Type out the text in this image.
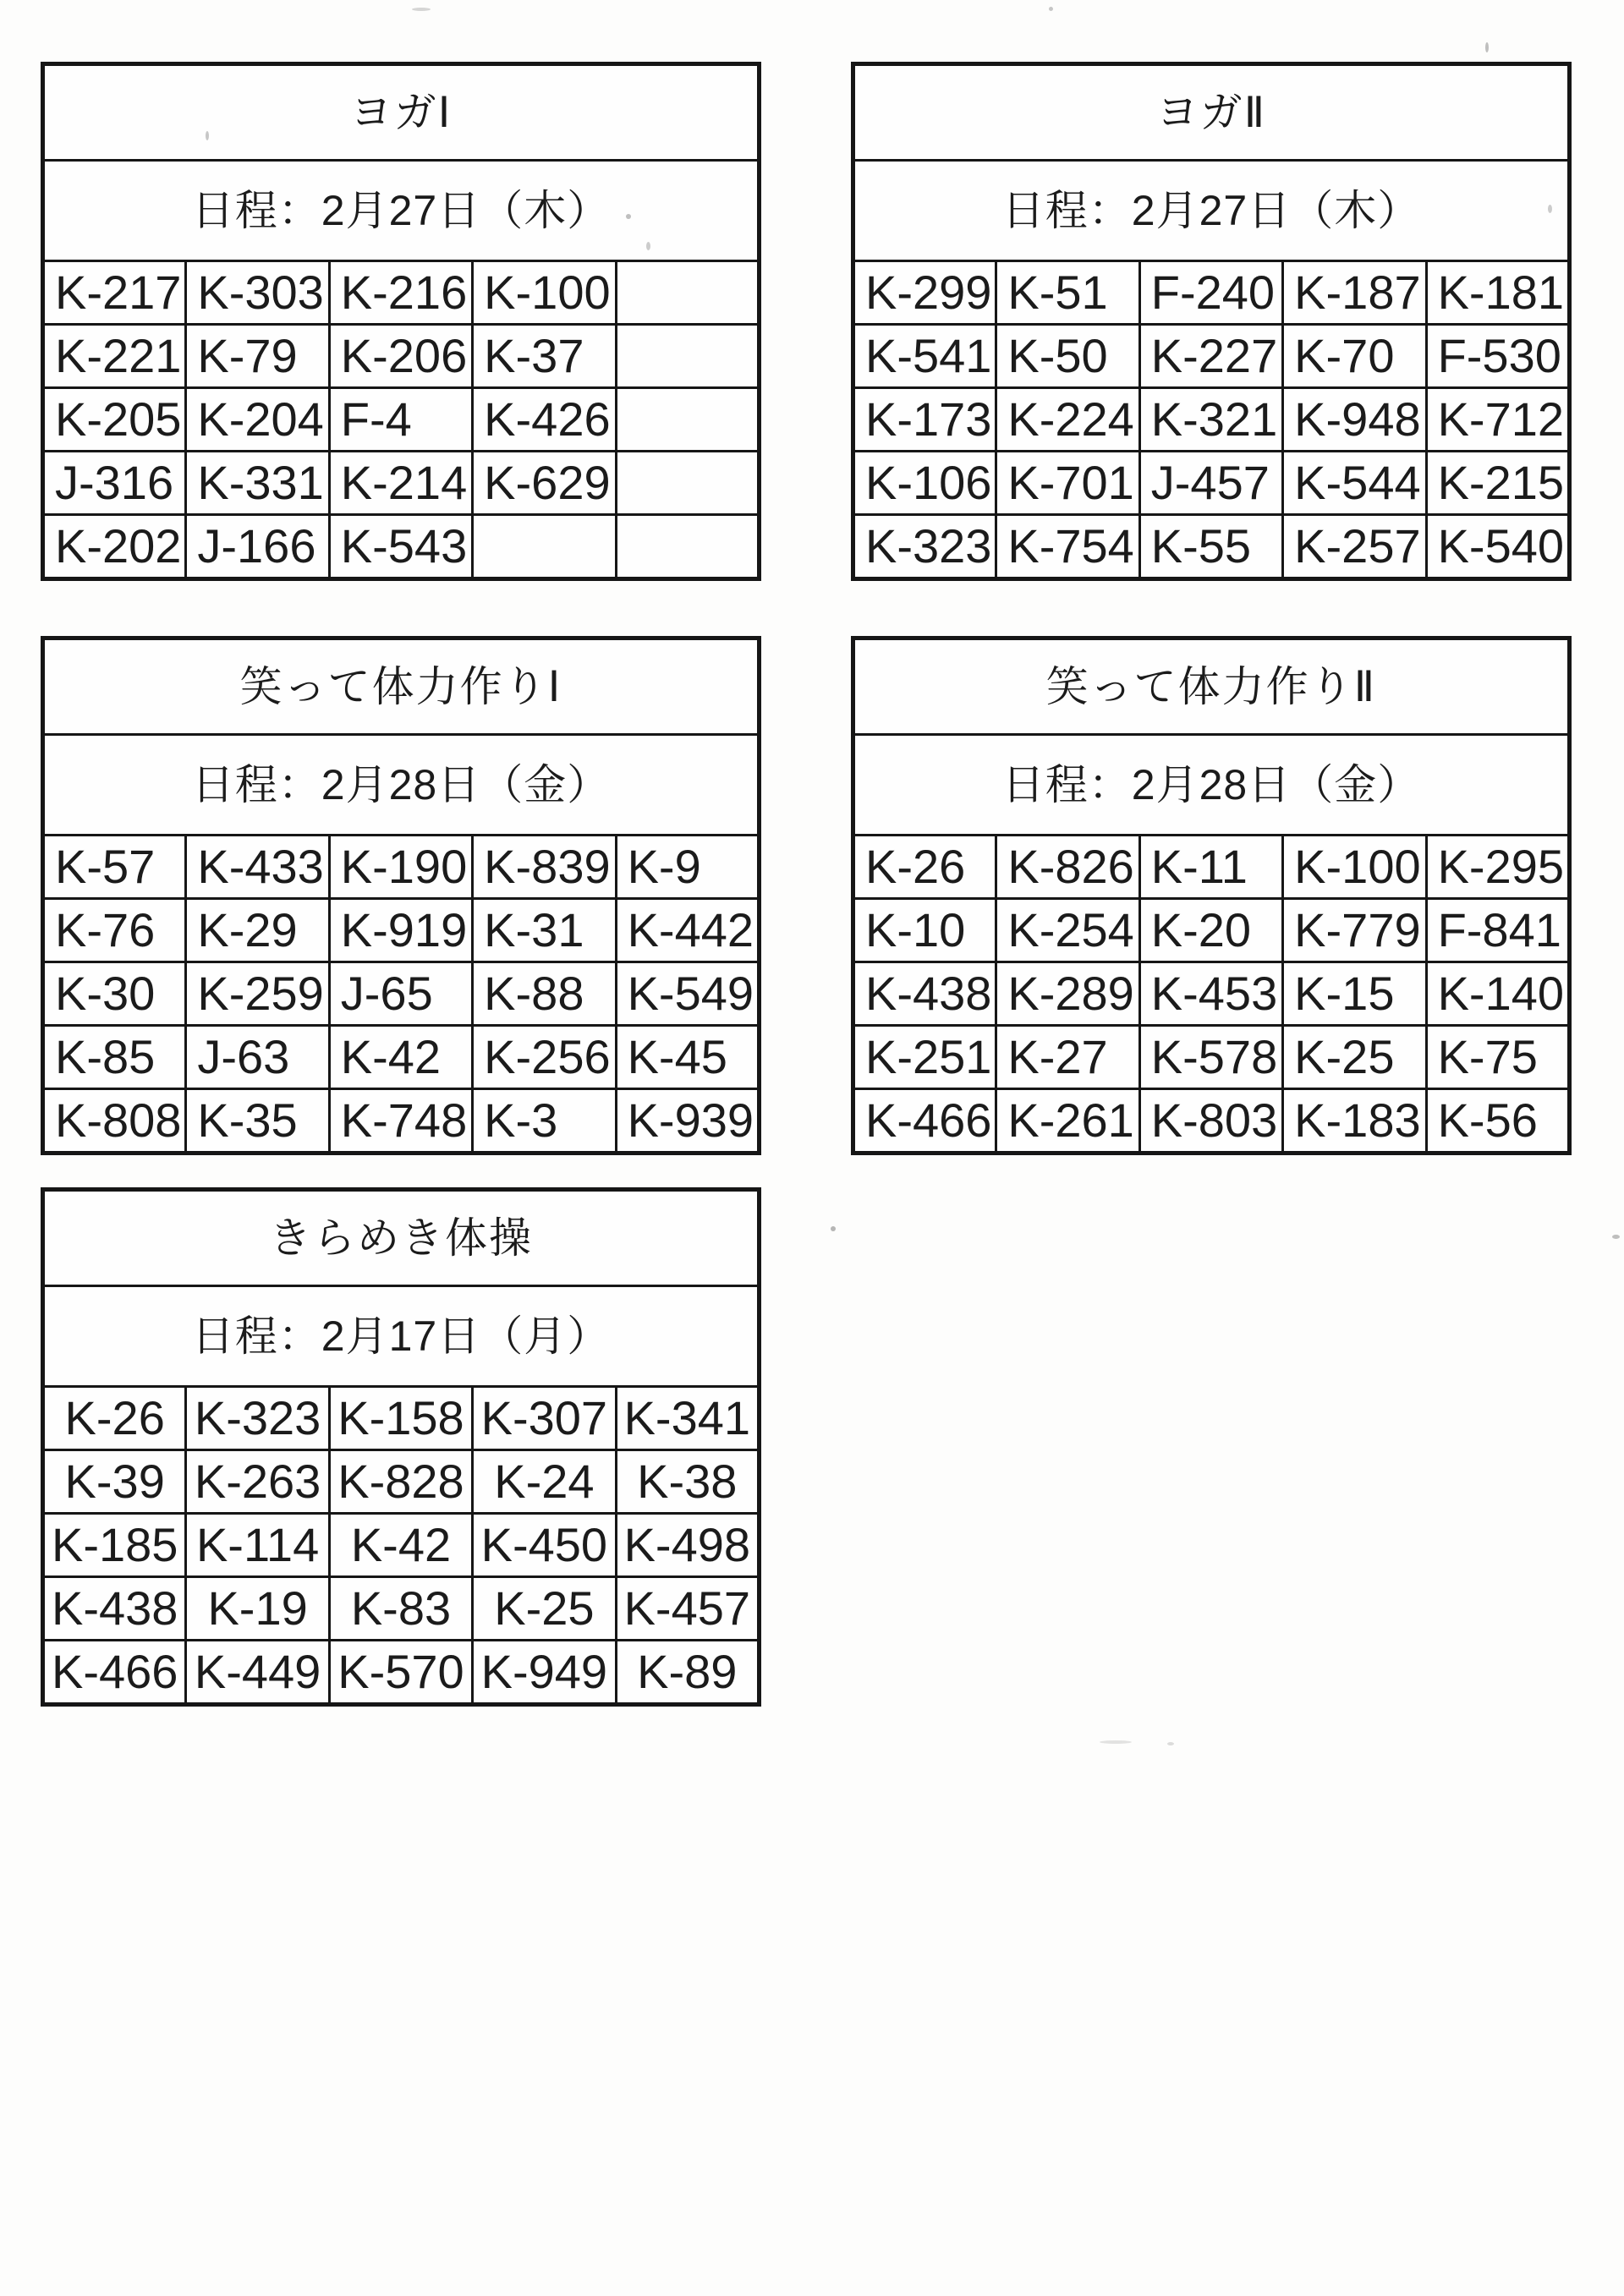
ヨガⅠ				
日程：2月27日（木）				
K-217	K-303	K-216	K-100	
K-221	K-79	K-206	K-37	
K-205	K-204	F-4	K-426	
J-316	K-331	K-214	K-629	
K-202	J-166	K-543		
ヨガⅡ				
日程：2月27日（木）				
K-299	K-51	F-240	K-187	K-181
K-541	K-50	K-227	K-70	F-530
K-173	K-224	K-321	K-948	K-712
K-106	K-701	J-457	K-544	K-215
K-323	K-754	K-55	K-257	K-540
笑って体力作りⅠ				
日程：2月28日（金）				
K-57	K-433	K-190	K-839	K-9
K-76	K-29	K-919	K-31	K-442
K-30	K-259	J-65	K-88	K-549
K-85	J-63	K-42	K-256	K-45
K-808	K-35	K-748	K-3	K-939
笑って体力作りⅡ				
日程：2月28日（金）				
K-26	K-826	K-11	K-100	K-295
K-10	K-254	K-20	K-779	F-841
K-438	K-289	K-453	K-15	K-140
K-251	K-27	K-578	K-25	K-75
K-466	K-261	K-803	K-183	K-56
きらめき体操				
日程：2月17日（月）				
K-26	K-323	K-158	K-307	K-341
K-39	K-263	K-828	K-24	K-38
K-185	K-114	K-42	K-450	K-498
K-438	K-19	K-83	K-25	K-457
K-466	K-449	K-570	K-949	K-89
